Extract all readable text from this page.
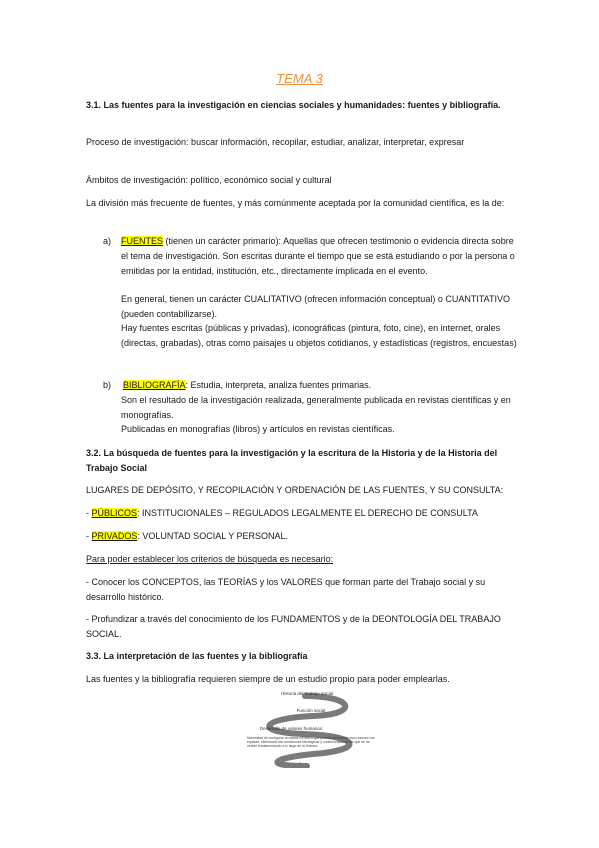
TEMA 3

3.1. Las fuentes para la investigación en ciencias sociales y humanidades: fuentes y bibliografía.

Proceso de investigación: buscar información, recopilar, estudiar, analizar, interpretar, expresar

Ámbitos de investigación: político, económico social y cultural

La división más frecuente de fuentes, y más comúnmente aceptada por la comunidad científica, es la de:

a) FUENTES (tienen un carácter primario): Aquellas que ofrecen testimonio o evidencia directa sobre el tema de investigación. Son escritas durante el tiempo que se está estudiando o por la persona o emitidas por la entidad, institución, etc., directamente implicada en el evento.

En general, tienen un carácter CUALITATIVO (ofrecen información conceptual) o CUANTITATIVO (pueden contabilizarse).

Hay fuentes escritas (públicas y privadas), iconográficas (pintura, foto, cine), en internet, orales (directas, grabadas), otras como paisajes u objetos cotidianos, y estadísticas (registros, encuestas)

b) BIBLIOGRAFÍA: Estudia, interpreta, analiza fuentes primarias.

Son el resultado de la investigación realizada, generalmente publicada en revistas científicas y en monografías.

Publicadas en monografías (libros) y artículos en revistas científicas.

3.2. La búsqueda de fuentes para la investigación y la escritura de la Historia y de la Historia del Trabajo Social

LUGARES DE DEPÓSITO, Y RECOPILACIÓN Y ORDENACIÓN DE LAS FUENTES, Y SU CONSULTA:

- PÚBLICOS: INSTITUCIONALES – REGULADOS LEGALMENTE EL DERECHO DE CONSULTA

- PRIVADOS: VOLUNTAD SOCIAL Y PERSONAL.

Para poder establecer los criterios de búsqueda es necesario:

- Conocer los CONCEPTOS, las TEORÍAS y los VALORES que forman parte del Trabajo social y su desarrollo histórico.

- Profundizar a través del conocimiento de los FUNDAMENTOS y de la DEONTOLOGÍA DEL TRABAJO SOCIAL.

3.3. La interpretación de las fuentes y la bibliografía

Las fuentes y la bibliografía requieren siempre de un estudio propio para poder emplearlas.

Historia del Trabajo Social
Función social
Desarrollo de valores humanos
Necesidad de configurar un status científico que permita desarrollar esos valores con equidad, eliminando las condiciones ideológicas y confesionales en las que se ha venido fundamentando a lo largo de la Historia.
